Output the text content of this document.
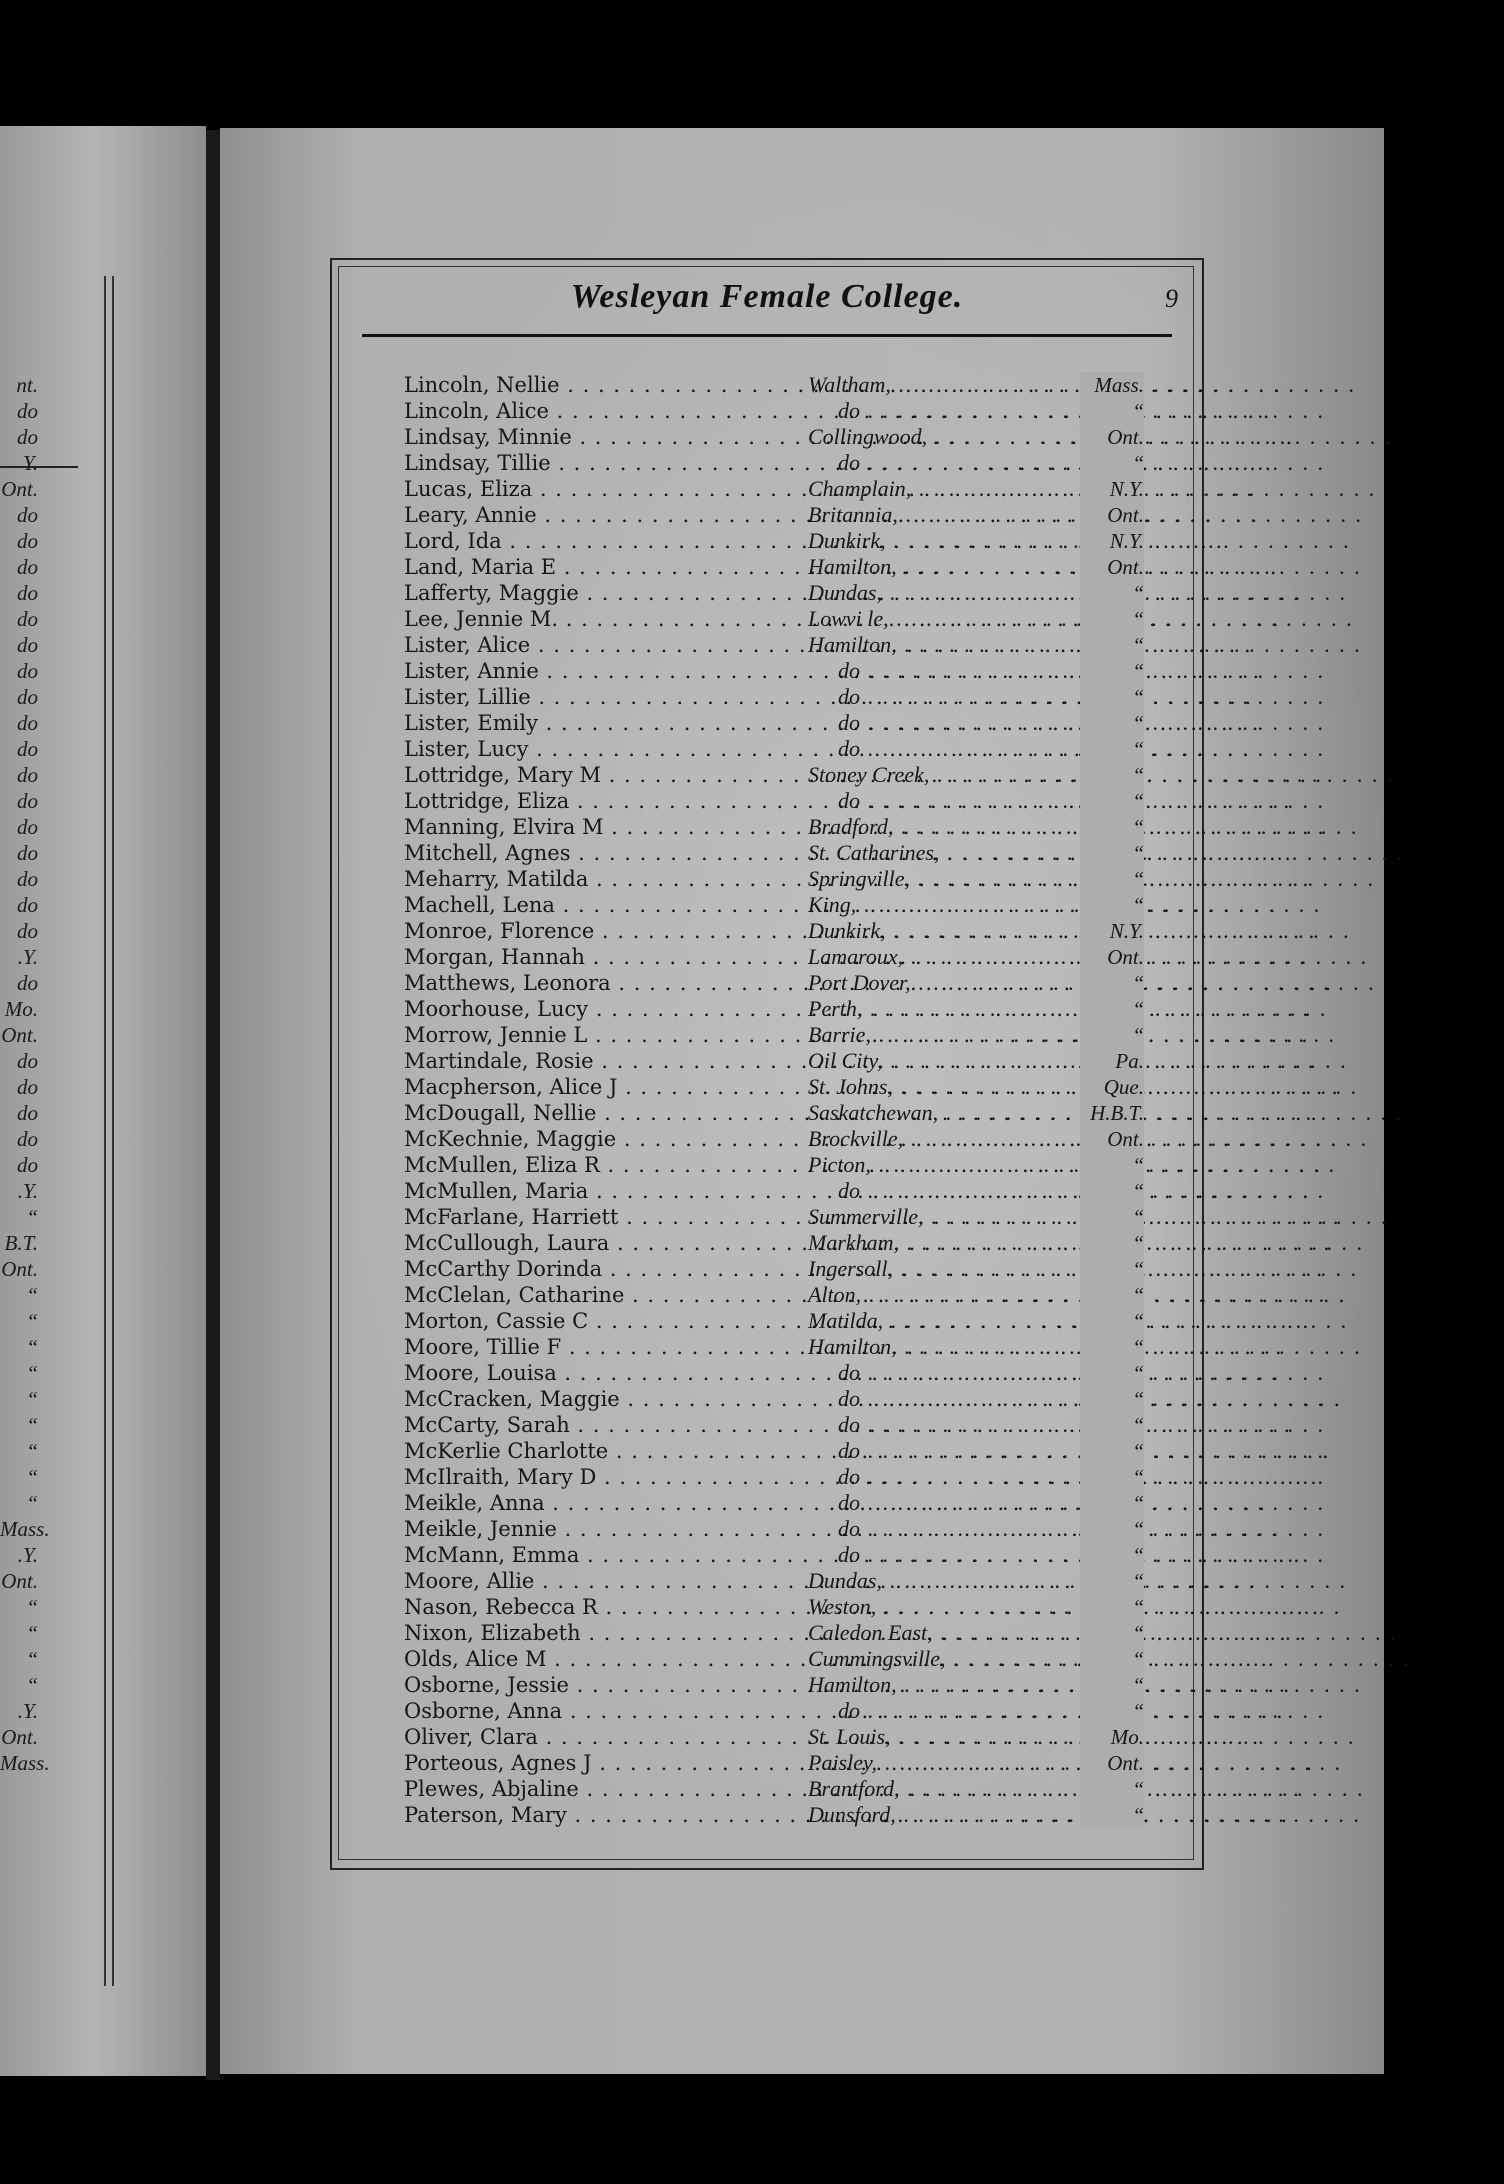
nt.
do
do
Y.
Ont.
do
do
do
do
do
do
do
do
do
do
do
do
do
do
do
do
do
.Y.
do
Mo.
Ont.
do
do
do
do
do
.Y.
“
B.T.
Ont.
“
“
“
“
“
“
“
“
“
Mass.
.Y.
Ont.
“
“
“
“
.Y.
Ont.
Mass.
Wesleyan Female College.	9
Lincoln, Nellie . . .	Waltham, . . .	Mass.
Lincoln, Alice . . .	do . . .	“
Lindsay, Minnie . . .	Collingwood, . . .	Ont.
Lindsay, Tillie . . .	do . . .	“
Lucas, Eliza . . .	Champlain, . . .	N.Y.
Leary, Annie . . .	Britannia, . . .	Ont.
Lord, Ida . . .	Dunkirk, . . .	N.Y.
Land, Maria E . . .	Hamilton, . . .	Ont.
Lafferty, Maggie . . .	Dundas, . . .	“
Lee, Jennie M. . . .	Lowvi le, . . .	“
Lister, Alice . . .	Hamilton, . . .	“
Lister, Annie . . .	do . . .	“
Lister, Lillie . . .	do . . .	“
Lister, Emily . . .	do . . .	“
Lister, Lucy . . .	do . . .	“
Lottridge, Mary M . . .	Stoney Creek, . . .	“
Lottridge, Eliza . . .	do . . .	“
Manning, Elvira M . . .	Bradford, . . .	“
Mitchell, Agnes . . .	St. Catharines, . . .	“
Meharry, Matilda . . .	Springville, . . .	“
Machell, Lena . . .	King, . . .	“
Monroe, Florence . . .	Dunkirk, . . .	N.Y.
Morgan, Hannah . . .	Lamaroux, . . .	Ont.
Matthews, Leonora . . .	Port Dover, . . .	“
Moorhouse, Lucy . . .	Perth, . . .	“
Morrow, Jennie L . . .	Barrie, . . .	“
Martindale, Rosie . . .	Oil City, . . .	Pa.
Macpherson, Alice J . . .	St. Johns, . . .	Que.
McDougall, Nellie . . .	Saskatchewan, . . .	H.B.T.
McKechnie, Maggie . . .	Brockville, . . .	Ont.
McMullen, Eliza R . . .	Picton, . . .	“
McMullen, Maria . . .	do . . .	“
McFarlane, Harriett . . .	Summerville, . . .	“
McCullough, Laura . . .	Markham, . . .	“
McCarthy Dorinda . . .	Ingersoll, . . .	“
McClelan, Catharine . . .	Alton, . . .	“
Morton, Cassie C . . .	Matilda, . . .	“
Moore, Tillie F . . .	Hamilton, . . .	“
Moore, Louisa . . .	do . . .	“
McCracken, Maggie . . .	do . . .	“
McCarty, Sarah . . .	do . . .	“
McKerlie Charlotte . . .	do . . .	“
McIlraith, Mary D . . .	do . . .	“
Meikle, Anna . . .	do . . .	“
Meikle, Jennie . . .	do . . .	“
McMann, Emma . . .	do . . .	“
Moore, Allie . . .	Dundas, . . .	“
Nason, Rebecca R . . .	Weston, . . .	“
Nixon, Elizabeth . . .	Caledon East, . . .	“
Olds, Alice M . . .	Cummingsville, . . .	“
Osborne, Jessie . . .	Hamilton, . . .	“
Osborne, Anna . . .	do . . .	“
Oliver, Clara . . .	St. Louis, . . .	Mo.
Porteous, Agnes J . . .	Paisley, . . .	Ont.
Plewes, Abjaline . . .	Brantford, . . .	“
Paterson, Mary . . .	Dunsford, . . .	“
